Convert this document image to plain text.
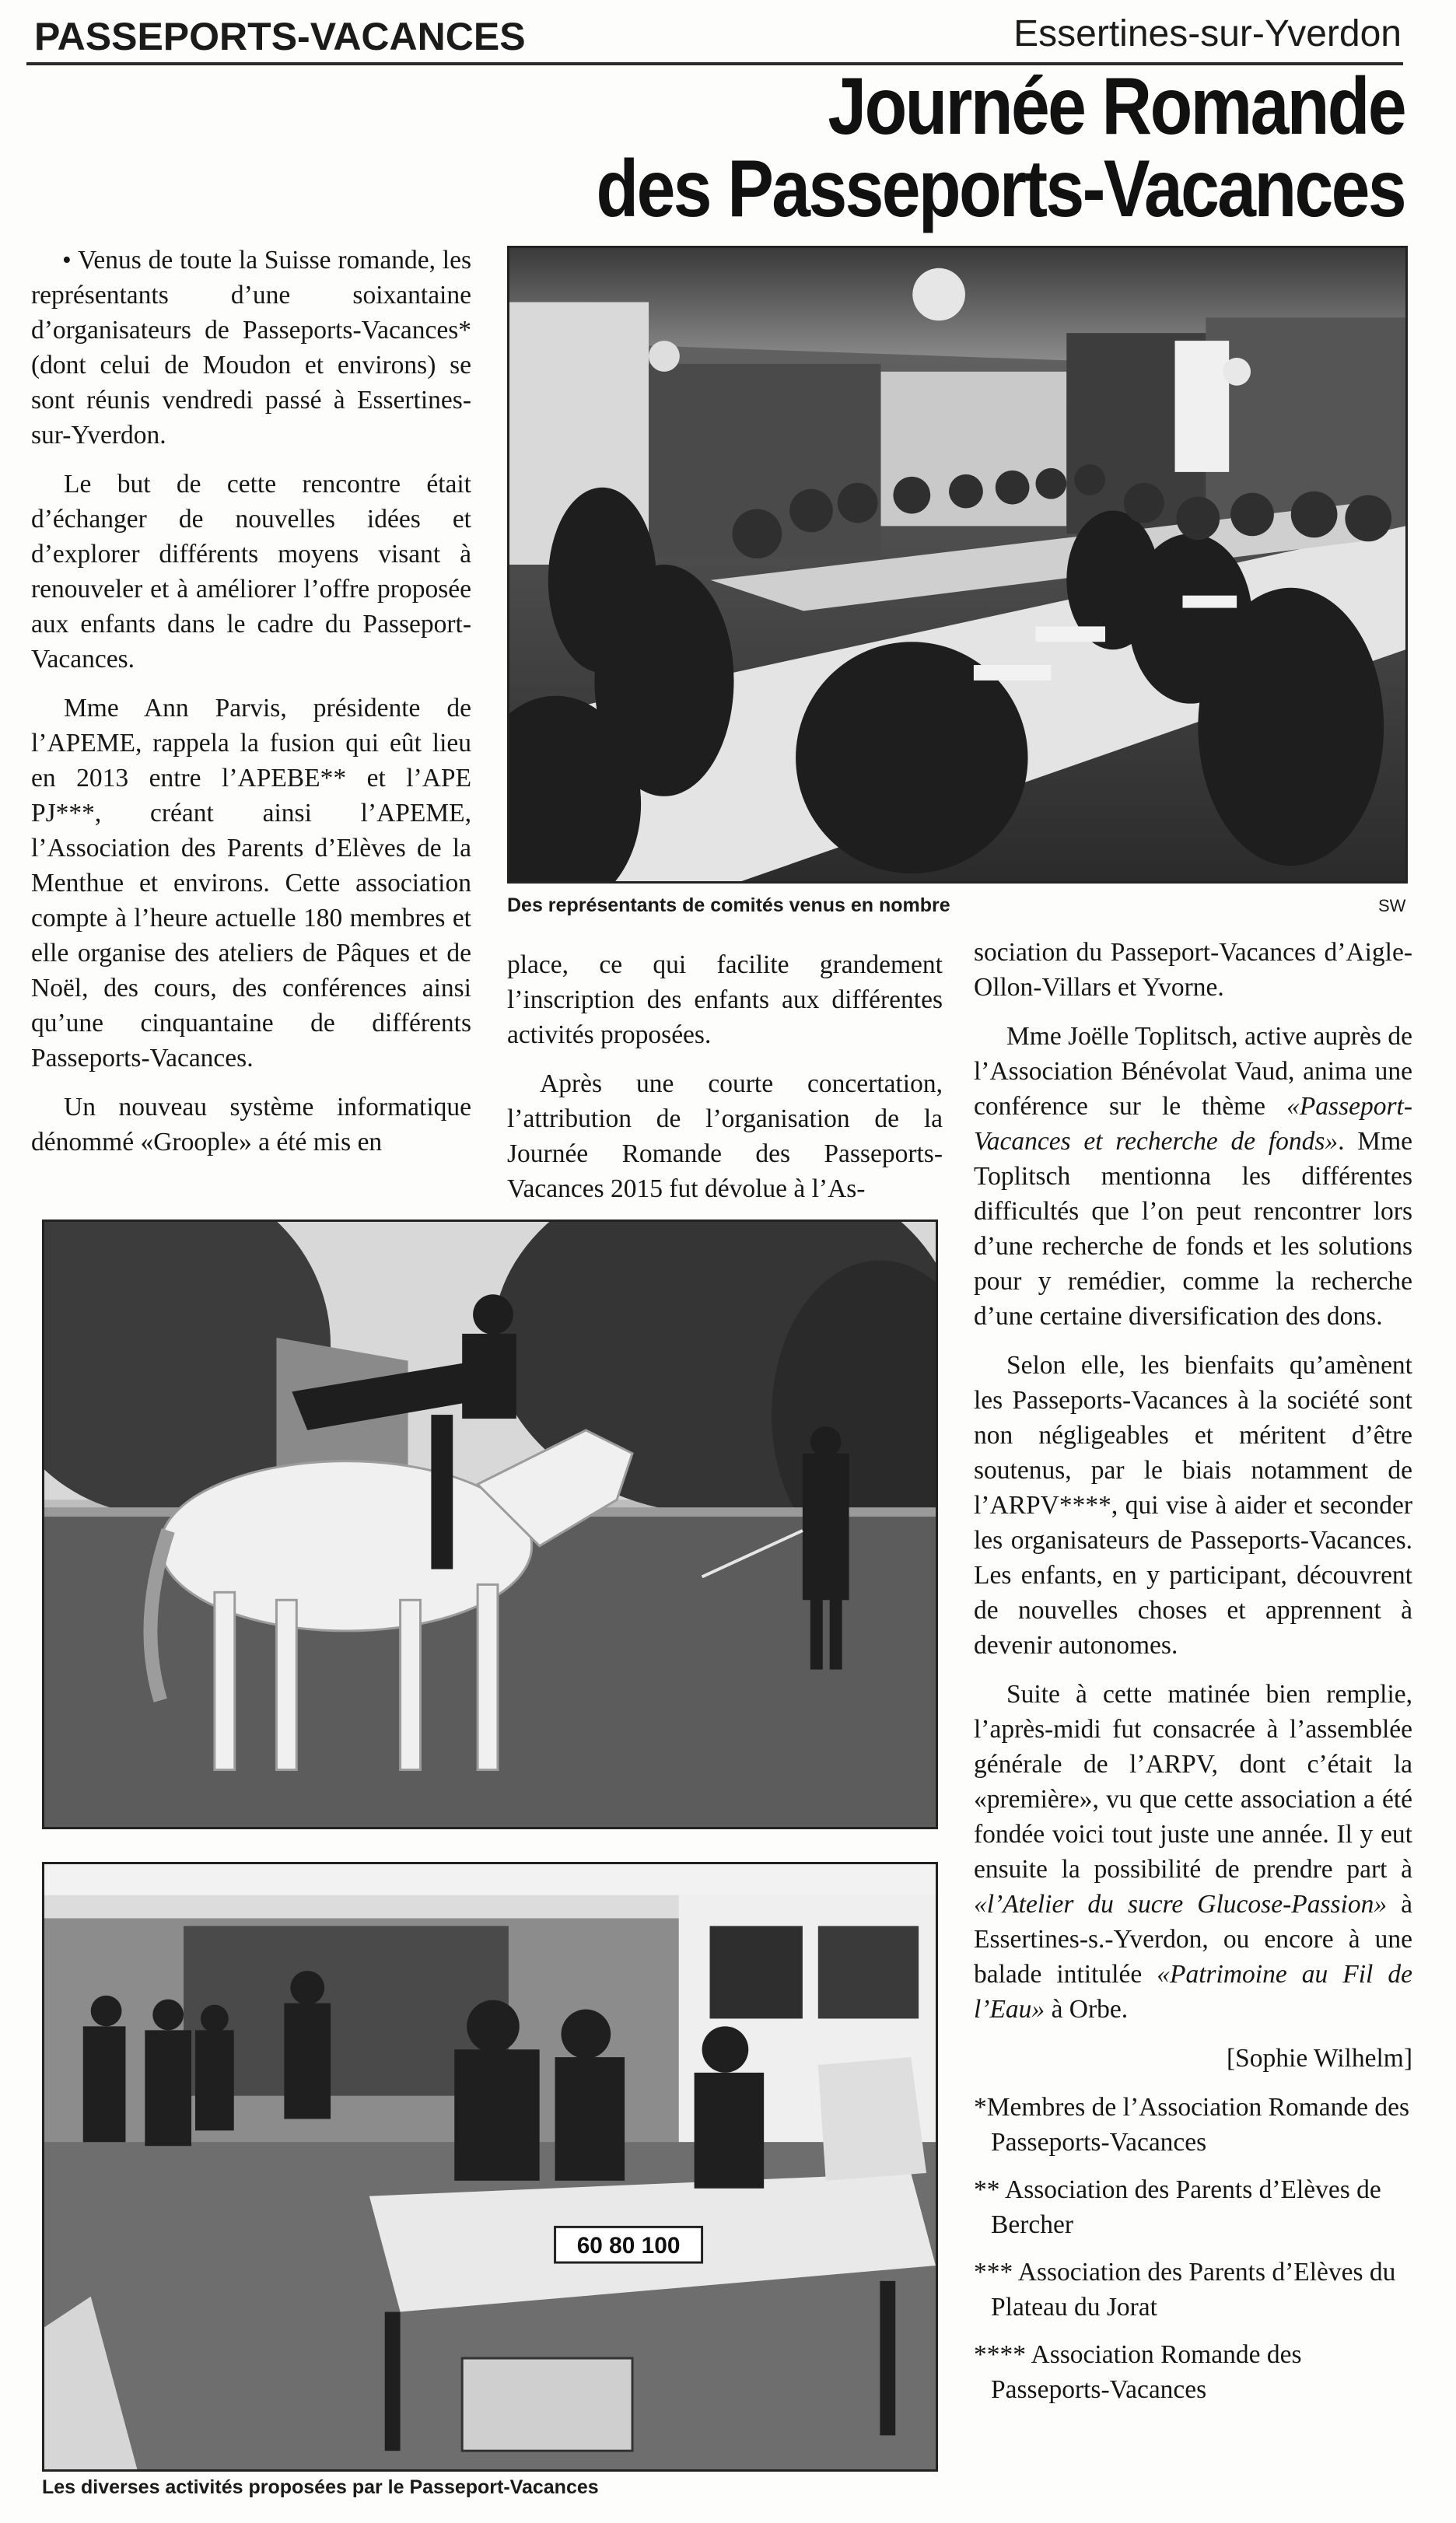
PASSEPORTS-VACANCES	Essertines-sur-Yverdon
Journée Romande
des Passeports-Vacances

• Venus de toute la Suisse romande, les représentants d’une soixantaine d’organisateurs de Passeports-Vacances* (dont celui de Moudon et environs) se sont réunis vendredi passé à Essertines-sur-Yverdon.

Le but de cette rencontre était d’échanger de nouvelles idées et d’explorer différents moyens visant à renouveler et à améliorer l’offre proposée aux enfants dans le cadre du Passeport-Vacances.

Mme Ann Parvis, présidente de l’APEME, rappela la fusion qui eût lieu en 2013 entre l’APEBE** et l’APE PJ***, créant ainsi l’APEME, l’Association des Parents d’Elèves de la Menthue et environs. Cette association compte à l’heure actuelle 180 membres et elle organise des ateliers de Pâques et de Noël, des cours, des conférences ainsi qu’une cinquantaine de différents Passeports-Vacances.

Un nouveau système informatique dénommé «Groople» a été mis en

Des représentants de comités venus en nombre	SW

place, ce qui facilite grandement l’inscription des enfants aux différentes activités proposées.

Après une courte concertation, l’attribution de l’organisation de la Journée Romande des Passeports-Vacances 2015 fut dévolue à l’As-

sociation du Passeport-Vacances d’Aigle-Ollon-Villars et Yvorne.

Mme Joëlle Toplitsch, active auprès de l’Association Bénévolat Vaud, anima une conférence sur le thème «Passeport-Vacances et recherche de fonds». Mme Toplitsch mentionna les différentes difficultés que l’on peut rencontrer lors d’une recherche de fonds et les solutions pour y remédier, comme la recherche d’une certaine diversification des dons.

Selon elle, les bienfaits qu’amènent les Passeports-Vacances à la société sont non négligeables et méritent d’être soutenus, par le biais notamment de l’ARPV****, qui vise à aider et seconder les organisateurs de Passeports-Vacances. Les enfants, en y participant, découvrent de nouvelles choses et apprennent à devenir autonomes.

Suite à cette matinée bien remplie, l’après-midi fut consacrée à l’assemblée générale de l’ARPV, dont c’était la «première», vu que cette association a été fondée voici tout juste une année. Il y eut ensuite la possibilité de prendre part à «l’Atelier du sucre Glucose-Passion» à Essertines-s.-Yverdon, ou encore à une balade intitulée «Patrimoine au Fil de l’Eau» à Orbe.

[Sophie Wilhelm]

*Membres de l’Association Romande des Passeports-Vacances

** Association des Parents d’Elèves de Bercher

*** Association des Parents d’Elèves du Plateau du Jorat

**** Association Romande des Passeports-Vacances

60 80 100
Les diverses activités proposées par le Passeport-Vacances
